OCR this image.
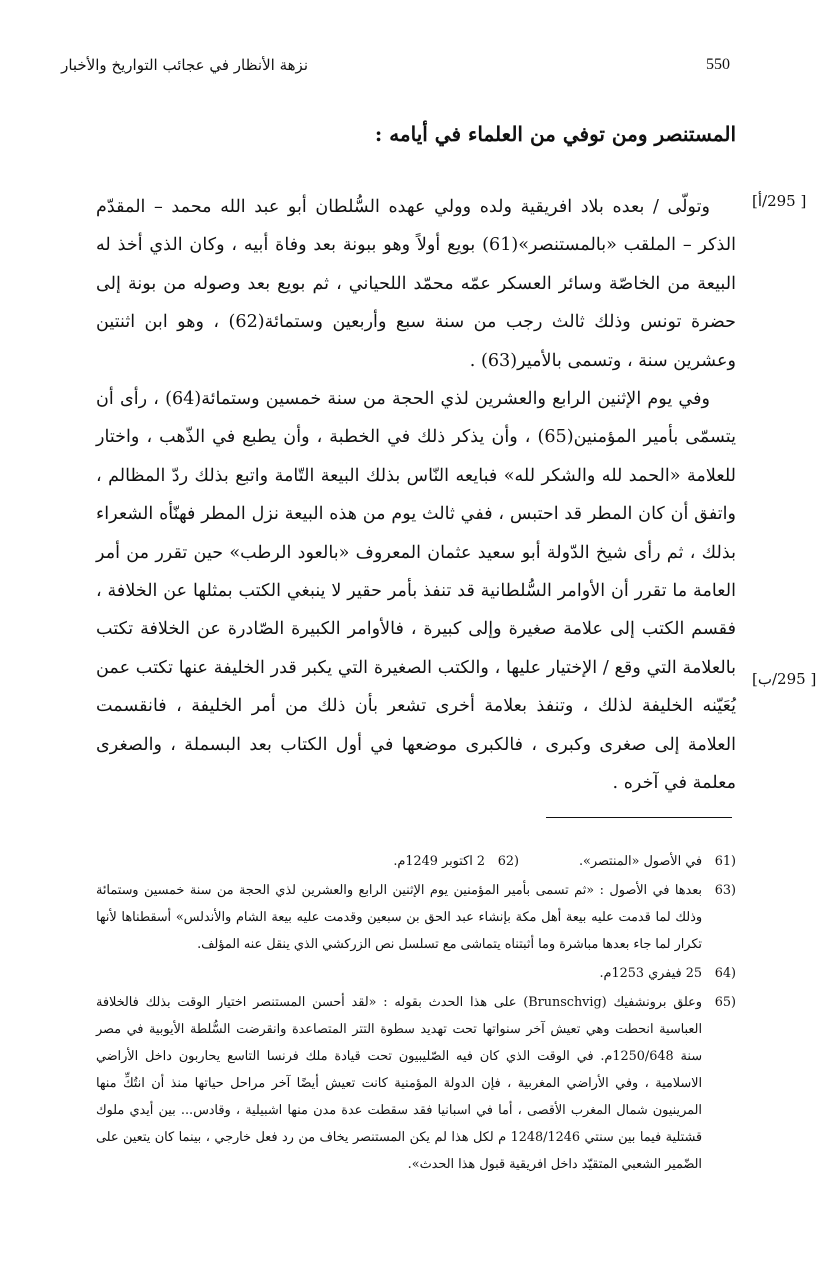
550
نزهة الأنظار في عجائب التواريخ والأخبار
المستنصر ومن توفي من العلماء في أيامه :
[ 295/أ]
[ 295/ب]

وتولّى / بعده بلاد افريقية ولده وولي عهده السُّلطان أبو عبد الله محمد – المقدّم الذكر – الملقب «بالمستنصر»(61) بويع أولاً وهو ببونة بعد وفاة أبيه ، وكان الذي أخذ له البيعة من الخاصّة وسائر العسكر عمّه محمّد اللحياني ، ثم بويع بعد وصوله من بونة إلى حضرة تونس وذلك ثالث رجب من سنة سبع وأربعين وستمائة(62) ، وهو ابن اثنتين وعشرين سنة ، وتسمى بالأمير(63) .

وفي يوم الإثنين الرابع والعشرين لذي الحجة من سنة خمسين وستمائة(64) ، رأى أن يتسمّى بأمير المؤمنين(65) ، وأن يذكر ذلك في الخطبة ، وأن يطبع في الذّهب ، واختار للعلامة «الحمد لله والشكر لله» فبايعه النّاس بذلك البيعة التّامة واتبع بذلك ردّ المظالم ، واتفق أن كان المطر قد احتبس ، ففي ثالث يوم من هذه البيعة نزل المطر فهنّأه الشعراء بذلك ، ثم رأى شيخ الدّولة أبو سعيد عثمان المعروف «بالعود الرطب» حين تقرر من أمر العامة ما تقرر أن الأوامر السُّلطانية قد تنفذ بأمر حقير لا ينبغي الكتب بمثلها عن الخلافة ، فقسم الكتب إلى علامة صغيرة وإلى كبيرة ، فالأوامر الكبيرة الصّادرة عن الخلافة تكتب بالعلامة التي وقع / الإختيار عليها ، والكتب الصغيرة التي يكبر قدر الخليفة عنها تكتب عمن يُعَيّنه الخليفة لذلك ، وتنفذ بعلامة أخرى تشعر بأن ذلك من أمر الخليفة ، فانقسمت العلامة إلى صغرى وكبرى ، فالكبرى موضعها في أول الكتاب بعد البسملة ، والصغرى معلمة في آخره .

61)
في الأصول «المنتصر».
62)
2 اكتوبر 1249م.
63)
بعدها في الأصول : «ثم تسمى بأمير المؤمنين يوم الإثنين الرابع والعشرين لذي الحجة من سنة خمسين وستمائة وذلك لما قدمت عليه بيعة أهل مكة بإنشاء عبد الحق بن سبعين وقدمت عليه بيعة الشام والأندلس» أسقطناها لأنها تكرار لما جاء بعدها مباشرة وما أثبتناه يتماشى مع تسلسل نص الزركشي الذي ينقل عنه المؤلف.
64)
25 فيفري 1253م.
65)
وعلق برونشفيك (Brunschvig) على هذا الحدث بقوله : «لقد أحسن المستنصر اختيار الوقت بذلك فالخلافة العباسية انحطت وهي تعيش آخر سنواتها تحت تهديد سطوة التتر المتصاعدة وانقرضت السُّلطة الأيوبية في مصر سنة 1250/648م. في الوقت الذي كان فيه الصّليبيون تحت قيادة ملك فرنسا التاسع يحاربون داخل الأراضي الاسلامية ، وفي الأراضي المغربية ، فإن الدولة المؤمنية كانت تعيش أيضًا آخر مراحل حياتها منذ أن انتُكِّ منها المرينيون شمال المغرب الأقصى ، أما في اسبانيا فقد سقطت عدة مدن منها اشبيلية ، وقادس... بين أيدي ملوك قشتلية فيما بين سنتي 1248/1246 م لكل هذا لم يكن المستنصر يخاف من رد فعل خارجي ، بينما كان يتعين على الضّمير الشعبي المتقيّد داخل افريقية قبول هذا الحدث».
